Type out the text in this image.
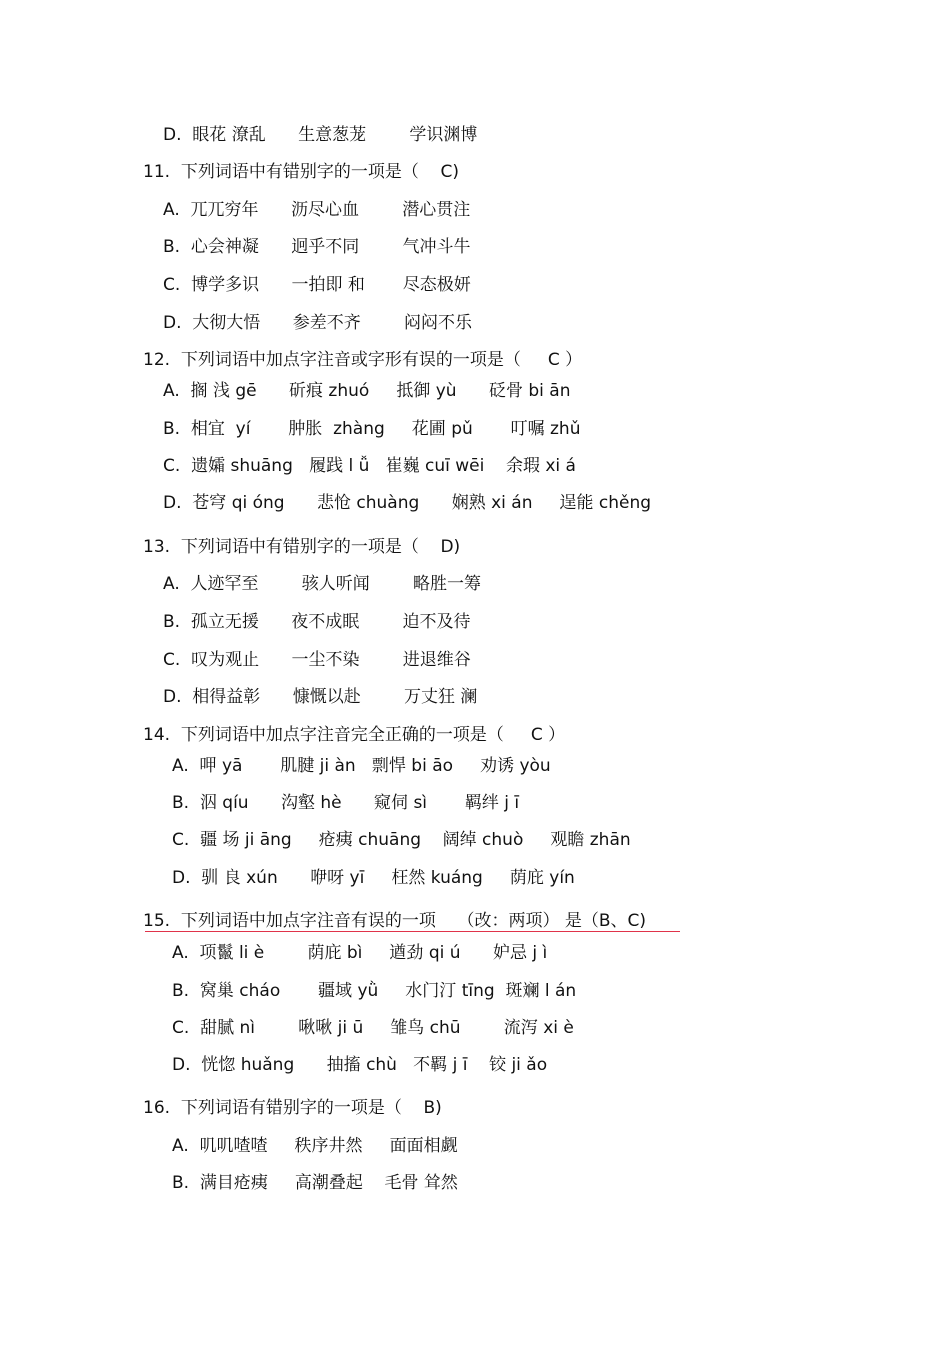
D.  眼花 潦乱      生意葱茏        学识渊博
11.  下列词语中有错别字的一项是（    C)
A.  兀兀穷年      沥尽心血        潜心贯注
B.  心会神凝      迥乎不同        气冲斗牛
C.  博学多识      一拍即 和       尽态极妍
D.  大彻大悟      参差不齐        闷闷不乐
12.  下列词语中加点字注音或字形有误的一项是（     C ）
A.  搁 浅 gē      斫痕 zhuó     抵御 yù      砭骨 bi ān
B.  相宜  yí       肿胀  zhàng     花圃 pǔ       叮嘱 zhǔ
C.  遗孀 shuāng   履践 l ǚ   崔巍 cuī wēi    余瑕 xi á
D.  苍穹 qi óng      悲怆 chuàng      娴熟 xi án     逞能 chěng
13.  下列词语中有错别字的一项是（    D)
A.  人迹罕至        骇人听闻        略胜一筹
B.  孤立无援      夜不成眠        迫不及待
C.  叹为观止      一尘不染        进退维谷
D.  相得益彰      慷慨以赴        万丈狂 澜
14.  下列词语中加点字注音完全正确的一项是（     C ）
A.  呷 yā       肌腱 ji àn   剽悍 bi āo     劝诱 yòu
B.  泅 qíu      沟壑 hè      窥伺 sì       羁绊 j ī
C.  疆 场 ji āng     疮痍 chuāng    阔绰 chuò     观瞻 zhān
D.  驯 良 xún      咿呀 yī     枉然 kuáng     荫庇 yín
15.  下列词语中加点字注音有误的一项    （改：两项） 是（B、C)
A.  项鬣 li è        荫庇 bì     遒劲 qi ú      妒忌 j ì
B.  窝巢 cháo       疆域 yǜ     水门汀 tīng  斑斓 l án
C.  甜腻 nì        啾啾 ji ū     雏鸟 chū        流泻 xi è
D.  恍惚 huǎng      抽搐 chù   不羁 j ī    铰 ji ǎo
16.  下列词语有错别字的一项是（    B)
A.  叽叽喳喳     秩序井然     面面相觑
B.  满目疮痍     高潮叠起    毛骨 耸然
